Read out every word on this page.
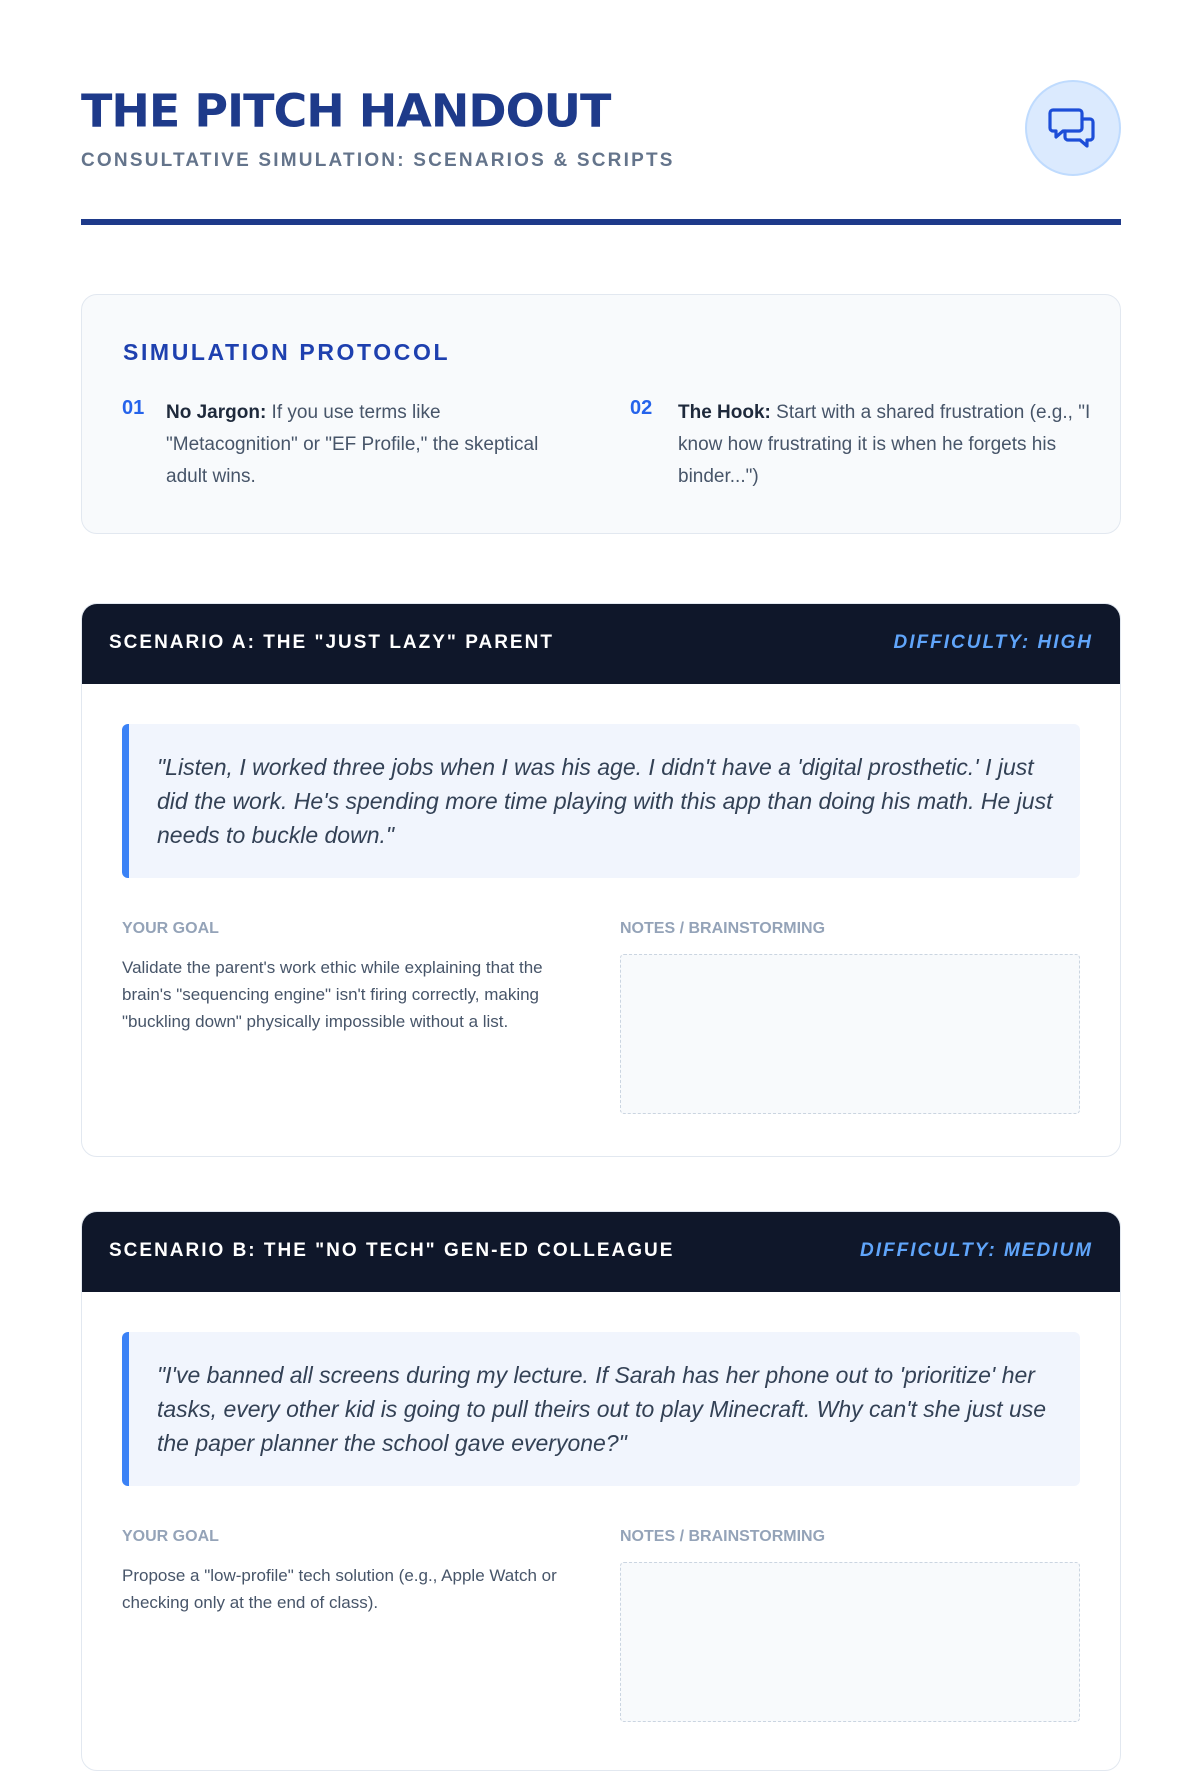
THE PITCH HANDOUT
CONSULTATIVE SIMULATION: SCENARIOS & SCRIPTS
SIMULATION PROTOCOL
01 No Jargon: If you use terms like "Metacognition" or "EF Profile," the skeptical adult wins.
02 The Hook: Start with a shared frustration (e.g., "I know how frustrating it is when he forgets his binder...")
SCENARIO A: THE "JUST LAZY" PARENT	DIFFICULTY: HIGH
"Listen, I worked three jobs when I was his age. I didn't have a 'digital prosthetic.' I just did the work. He's spending more time playing with this app than doing his math. He just needs to buckle down."
YOUR GOAL	NOTES / BRAINSTORMING
Validate the parent's work ethic while explaining that the brain's "sequencing engine" isn't firing correctly, making "buckling down" physically impossible without a list.
SCENARIO B: THE "NO TECH" GEN-ED COLLEAGUE	DIFFICULTY: MEDIUM
"I've banned all screens during my lecture. If Sarah has her phone out to 'prioritize' her tasks, every other kid is going to pull theirs out to play Minecraft. Why can't she just use the paper planner the school gave everyone?"
YOUR GOAL	NOTES / BRAINSTORMING
Propose a "low-profile" tech solution (e.g., Apple Watch or checking only at the end of class).
